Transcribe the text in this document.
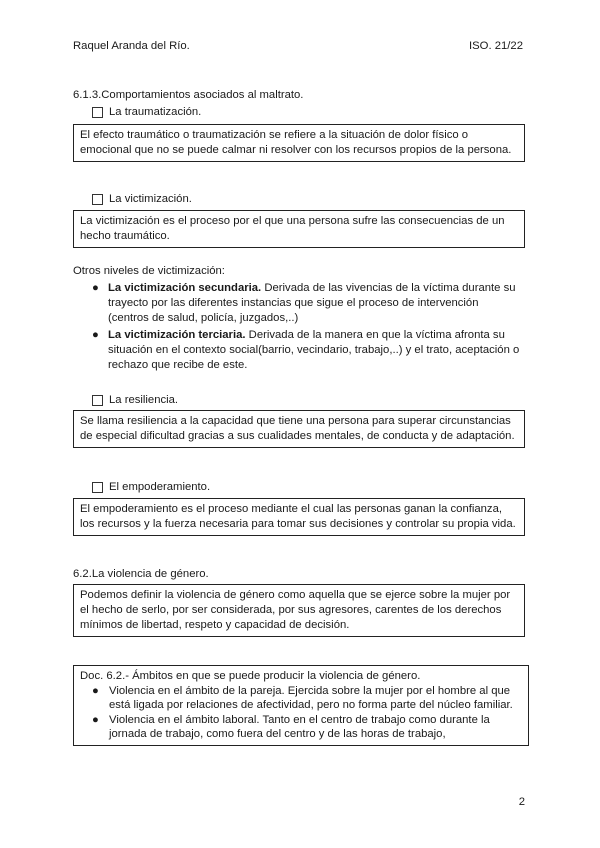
Raquel Aranda del Río.	ISO. 21/22
6.1.3.Comportamientos asociados al maltrato.
La traumatización.
El efecto traumático o traumatización se refiere a la situación de dolor físico o emocional que no se puede calmar ni resolver con los recursos propios de la persona.
La victimización.
La victimización es el proceso por el que una persona sufre las consecuencias de un hecho traumático.
Otros niveles de victimización:
● La victimización secundaria. Derivada de las vivencias de la víctima durante su trayecto por las diferentes instancias que sigue el proceso de intervención (centros de salud, policía, juzgados,..)
● La victimización terciaria. Derivada de la manera en que la víctima afronta su situación en el contexto social(barrio, vecindario, trabajo,..) y el trato, aceptación o rechazo que recibe de este.
La resiliencia.
Se llama resiliencia a la capacidad que tiene una persona para superar circunstancias de especial dificultad gracias a sus cualidades mentales, de conducta y de adaptación.
El empoderamiento.
El empoderamiento es el proceso mediante el cual las personas ganan la confianza, los recursos y la fuerza necesaria para tomar sus decisiones y controlar su propia vida.
6.2.La violencia de género.
Podemos definir la violencia de género como aquella que se ejerce sobre la mujer por el hecho de serlo, por ser considerada, por sus agresores, carentes de los derechos mínimos de libertad, respeto y capacidad de decisión.
Doc. 6.2.- Ámbitos en que se puede producir la violencia de género.
● Violencia en el ámbito de la pareja. Ejercida sobre la mujer por el hombre al que está ligada por relaciones de afectividad, pero no forma parte del núcleo familiar.
● Violencia en el ámbito laboral. Tanto en el centro de trabajo como durante la jornada de trabajo, como fuera del centro y de las horas de trabajo,
2
